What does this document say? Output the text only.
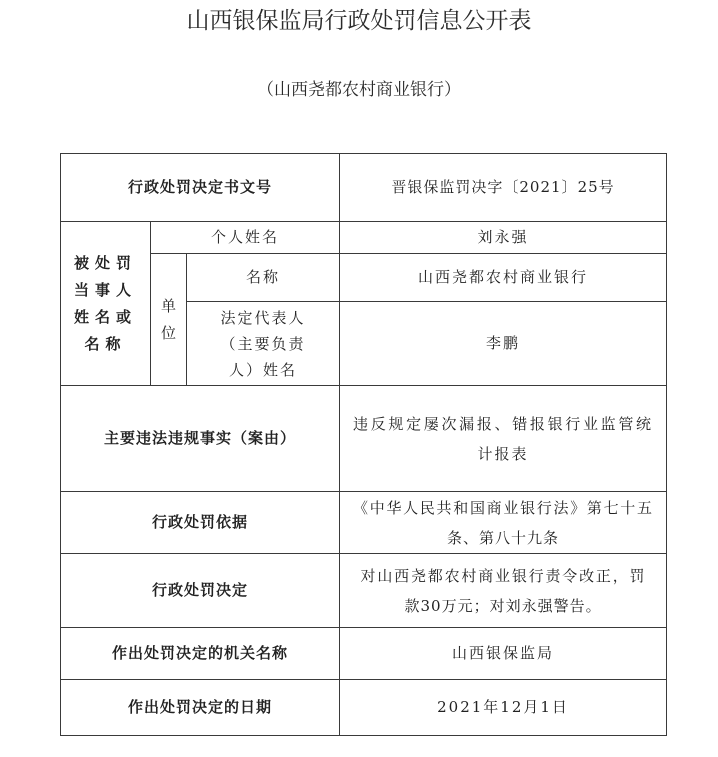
山西银保监局行政处罚信息公开表
（山西尧都农村商业银行）
行政处罚决定书文号			晋银保监罚决字〔2021〕25号

被处罚当事人姓名或名称	个人姓名		刘永强

	单位	名称	山西尧都农村商业银行

		法定代表人（主要负责人）姓名	李鹏
主要违法违规事实（案由）			违反规定屡次漏报、错报银行业监管统计报表
行政处罚依据			《中华人民共和国商业银行法》第七十五条、第八十九条
行政处罚决定			对山西尧都农村商业银行责令改正，罚款30万元；对刘永强警告。
作出处罚决定的机关名称			山西银保监局
作出处罚决定的日期			2021年12月1日
